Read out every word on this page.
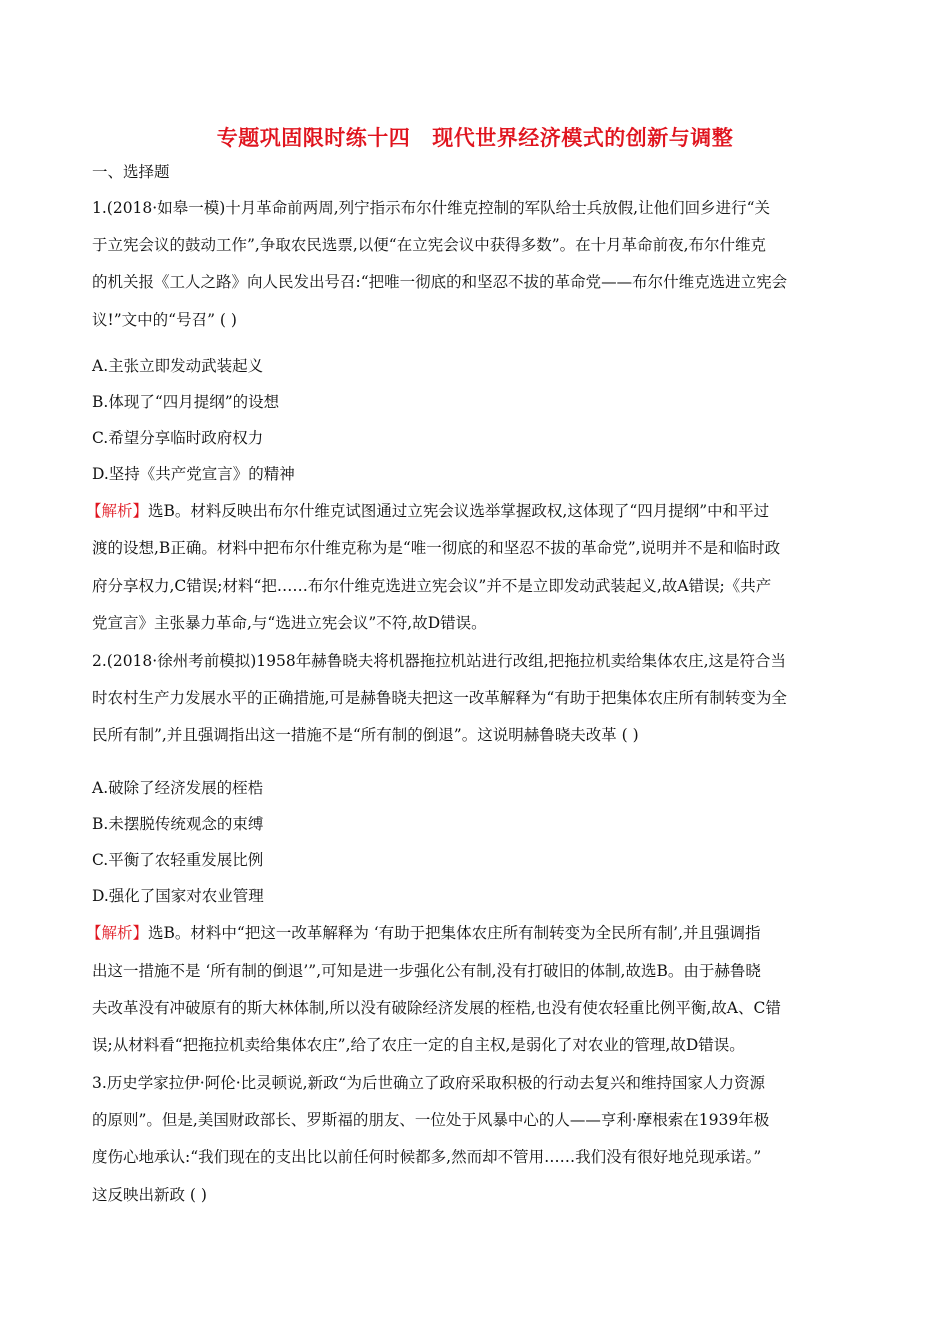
专题巩固限时练十四 现代世界经济模式的创新与调整
一、选择题
1.(2018·如皋一模)十月革命前两周,列宁指示布尔什维克控制的军队给士兵放假,让他们回乡进行“关
于立宪会议的鼓动工作”,争取农民选票,以便“在立宪会议中获得多数”。在十月革命前夜,布尔什维克
的机关报《工人之路》向人民发出号召:“把唯一彻底的和坚忍不拔的革命党——布尔什维克选进立宪会
议!”文中的“号召” ( )
A.主张立即发动武装起义
B.体现了“四月提纲”的设想
C.希望分享临时政府权力
D.坚持《共产党宣言》的精神
【解析】选B。材料反映出布尔什维克试图通过立宪会议选举掌握政权,这体现了“四月提纲”中和平过
渡的设想,B正确。材料中把布尔什维克称为是“唯一彻底的和坚忍不拔的革命党”,说明并不是和临时政
府分享权力,C错误;材料“把……布尔什维克选进立宪会议”并不是立即发动武装起义,故A错误;《共产
党宣言》主张暴力革命,与“选进立宪会议”不符,故D错误。
2.(2018·徐州考前模拟)1958年赫鲁晓夫将机器拖拉机站进行改组,把拖拉机卖给集体农庄,这是符合当
时农村生产力发展水平的正确措施,可是赫鲁晓夫把这一改革解释为“有助于把集体农庄所有制转变为全
民所有制”,并且强调指出这一措施不是“所有制的倒退”。这说明赫鲁晓夫改革 ( )
A.破除了经济发展的桎梏
B.未摆脱传统观念的束缚
C.平衡了农轻重发展比例
D.强化了国家对农业管理
【解析】选B。材料中“把这一改革解释为 ‘有助于把集体农庄所有制转变为全民所有制’,并且强调指
出这一措施不是 ‘所有制的倒退’”,可知是进一步强化公有制,没有打破旧的体制,故选B。由于赫鲁晓
夫改革没有冲破原有的斯大林体制,所以没有破除经济发展的桎梏,也没有使农轻重比例平衡,故A、C错
误;从材料看“把拖拉机卖给集体农庄”,给了农庄一定的自主权,是弱化了对农业的管理,故D错误。
3.历史学家拉伊·阿伦·比灵顿说,新政“为后世确立了政府采取积极的行动去复兴和维持国家人力资源
的原则”。但是,美国财政部长、罗斯福的朋友、一位处于风暴中心的人——亨利·摩根索在1939年极
度伤心地承认:“我们现在的支出比以前任何时候都多,然而却不管用……我们没有很好地兑现承诺。”
这反映出新政 ( )
